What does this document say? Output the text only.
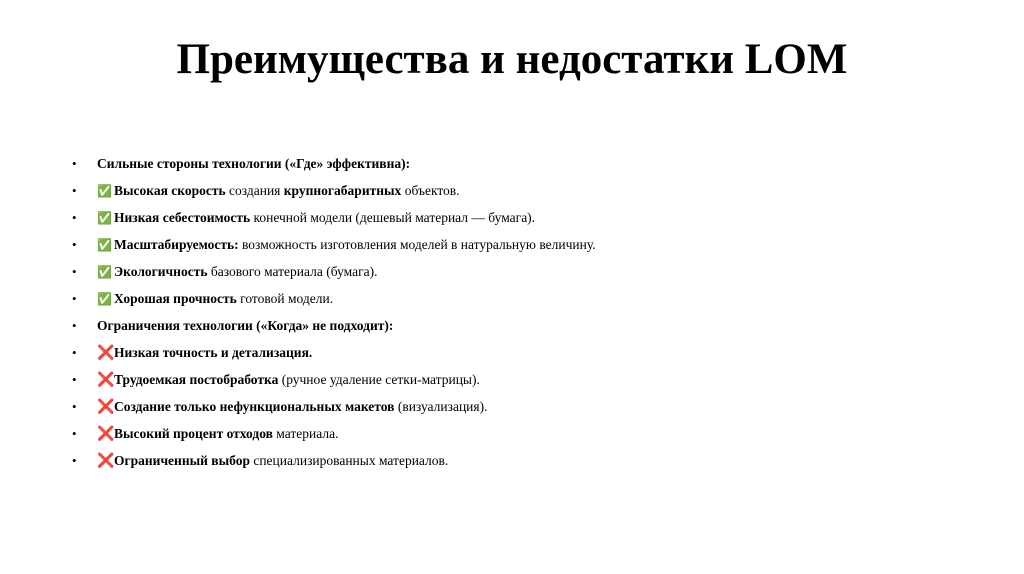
Преимущества и недостатки LOM
• Сильные стороны технологии («Где» эффективна):
• ✅ Высокая скорость создания крупногабаритных объектов.
• ✅ Низкая себестоимость конечной модели (дешевый материал — бумага).
• ✅ Масштабируемость: возможность изготовления моделей в натуральную величину.
• ✅ Экологичность базового материала (бумага).
• ✅ Хорошая прочность готовой модели.
• Ограничения технологии («Когда» не подходит):
• ❌Низкая точность и детализация.
• ❌Трудоемкая постобработка (ручное удаление сетки-матрицы).
• ❌Создание только нефункциональных макетов (визуализация).
• ❌Высокий процент отходов материала.
• ❌Ограниченный выбор специализированных материалов.
